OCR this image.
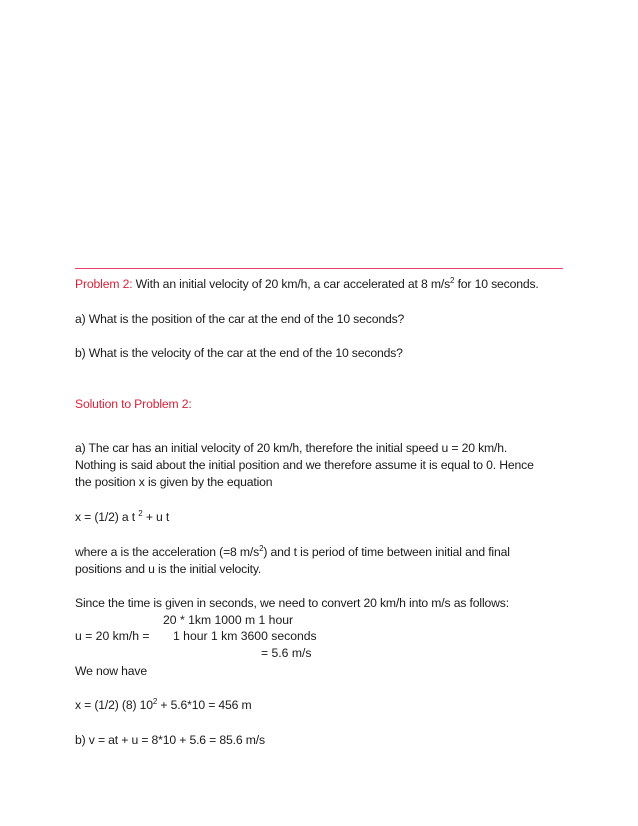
Problem 2: With an initial velocity of 20 km/h, a car accelerated at 8 $m/s^2$ for 10 seconds.
a) What is the position of the car at the end of the 10 seconds?
b) What is the velocity of the car at the end of the 10 seconds?
Solution to Problem 2:
a) The car has an initial velocity of 20 km/h, therefore the initial speed u = 20 km/h.
Nothing is said about the initial position and we therefore assume it is equal to 0. Hence
the position x is given by the equation
x = (1/2) a t $^2$ + u t
where a is the acceleration (=8 $m/s^2$) and t is period of time between initial and final
positions and u is the initial velocity.
Since the time is given in seconds, we need to convert 20 km/h into m/s as follows:
20 * 1km 1000 m 1 hour
u = 20 km/h = 1 hour 1 km 3600 seconds
= 5.6 m/s
We now have
x = (1/2) (8) $10^2 + 5.6*10 = 456$ m
b) v = at + u = 8*10 + 5.6 = 85.6 m/s
